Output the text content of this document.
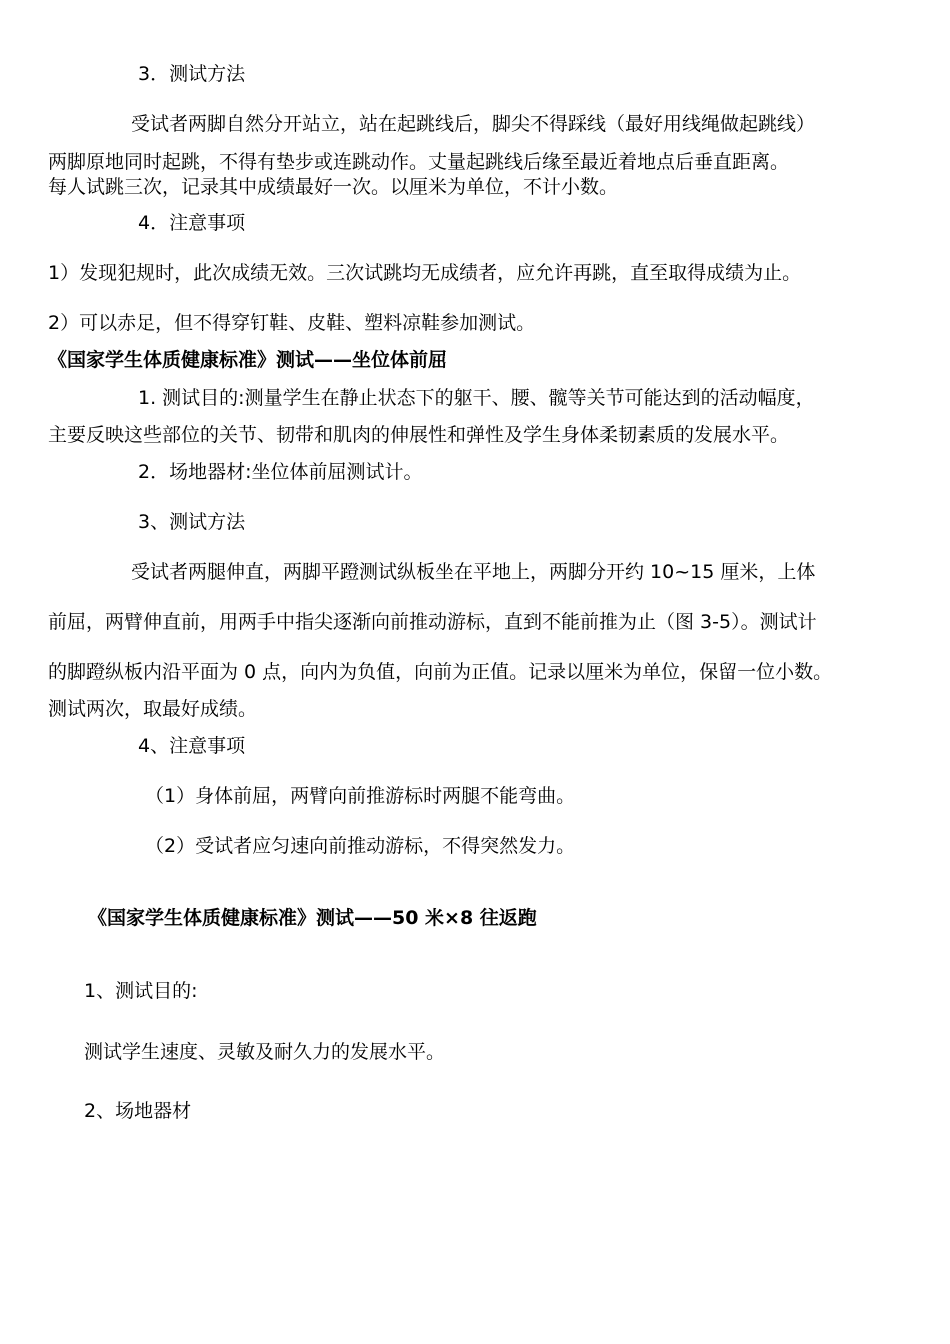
3．测试方法
受试者两脚自然分开站立，站在起跳线后，脚尖不得踩线（最好用线绳做起跳线）
两脚原地同时起跳，不得有垫步或连跳动作。丈量起跳线后缘至最近着地点后垂直距离。
每人试跳三次，记录其中成绩最好一次。以厘米为单位，不计小数。
4．注意事项
1）发现犯规时，此次成绩无效。三次试跳均无成绩者，应允许再跳，直至取得成绩为止。
2）可以赤足，但不得穿钉鞋、皮鞋、塑料凉鞋参加测试。
《国家学生体质健康标准》测试——坐位体前屈
1. 测试目的:测量学生在静止状态下的躯干、腰、髋等关节可能达到的活动幅度，
主要反映这些部位的关节、韧带和肌肉的伸展性和弹性及学生身体柔韧素质的发展水平。
2．场地器材:坐位体前屈测试计。
3、测试方法
受试者两腿伸直，两脚平蹬测试纵板坐在平地上，两脚分开约 10~15 厘米，上体
前屈，两臂伸直前，用两手中指尖逐渐向前推动游标，直到不能前推为止（图 3-5）。测试计
的脚蹬纵板内沿平面为 0 点，向内为负值，向前为正值。记录以厘米为单位，保留一位小数。
测试两次，取最好成绩。
4、注意事项
（1）身体前屈，两臂向前推游标时两腿不能弯曲。
（2）受试者应匀速向前推动游标，不得突然发力。
《国家学生体质健康标准》测试——50 米×8 往返跑
1、测试目的:
测试学生速度、灵敏及耐久力的发展水平。
2、场地器材
